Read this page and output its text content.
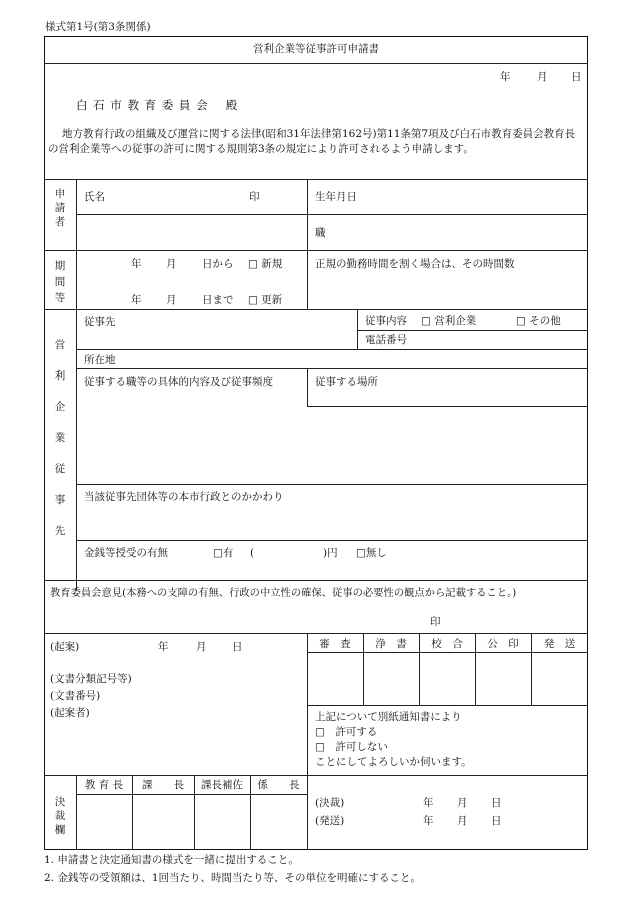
様式第1号(第3条関係)
営利企業等従事許可申請書
年	月 日
白 石 市 教 育 委 員 会　 殿
地方教育行政の組織及び運営に関する法律(昭和31年法律第162号)第11条第7項及び白石市教育委員会教育長の営利企業等への従事の許可に関する規則第3条の規定により許可されるよう申請します。
申
請
者
氏名	印	生年月日
職
期
間
等
年 月 日から □ 新規
年 月 日まで □ 更新
正規の勤務時間を割く場合は、その時間数
営
利
企
業
従
事
先
従事先	従事内容 □ 営利企業	□ その他
電話番号
所在地
従事する職等の具体的内容及び従事頻度	従事する場所
当該従事先団体等の本市行政とのかかわり
金銭等授受の有無	□有 (	)円 □無し
教育委員会意見(本務への支障の有無、行政の中立性の確保、従事の必要性の観点から記載すること。)
印
(起案)	年	月 日
(文書分類記号等)
(文書番号)
(起案者)
審　査	浄　書	校　合	公　印	発　送
上記について別紙通知書により
□　許可する
□　許可しない
ことにしてよろしいか伺います。
決
裁
欄
教 育 長	課　　長	課長補佐	係　　長
(決裁)	年 月 日
(発送)	年 月 日
1. 申請書と決定通知書の様式を一緒に提出すること。
2. 金銭等の受領額は、1回当たり、時間当たり等、その単位を明確にすること。
